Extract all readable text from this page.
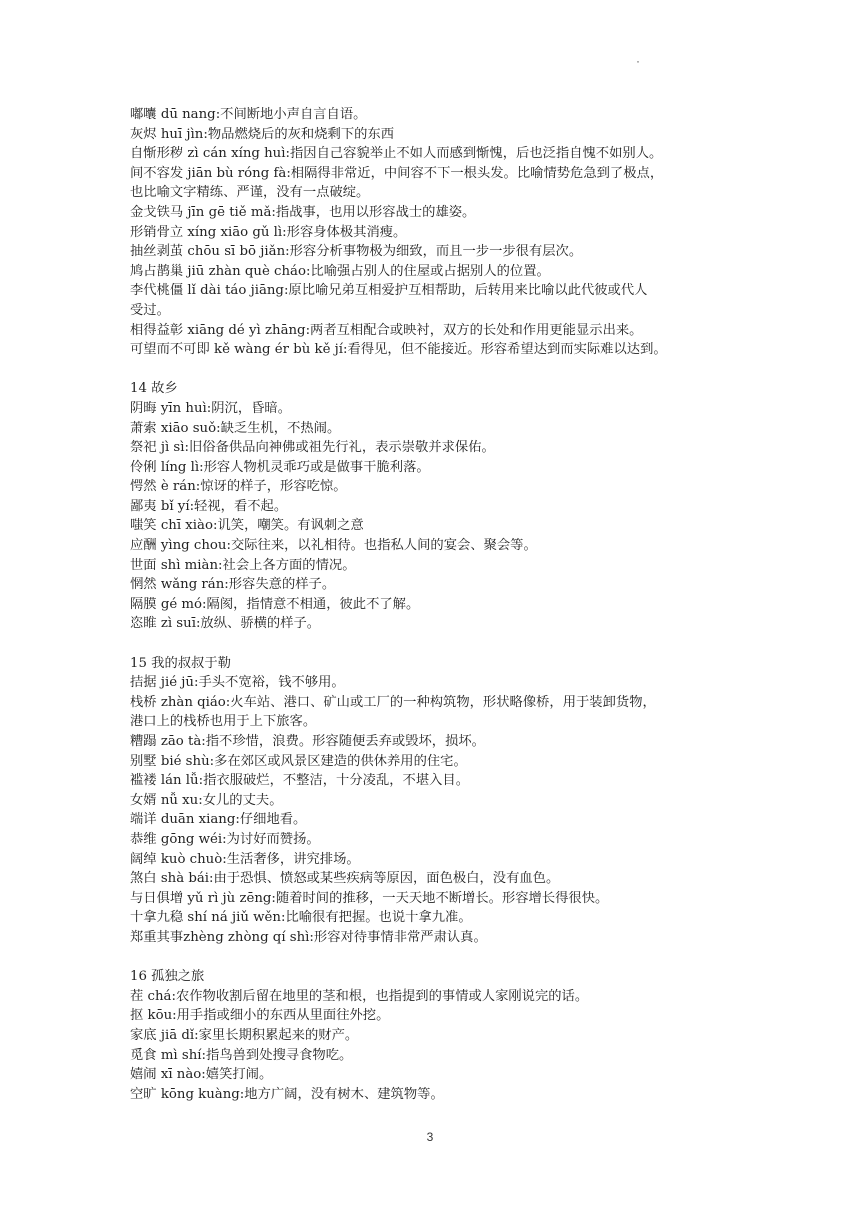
·
嘟囔 dū nang:不间断地小声自言自语。
灰烬 huī jìn:物品燃烧后的灰和烧剩下的东西
自惭形秽 zì cán xíng huì:指因自己容貌举止不如人而感到惭愧，后也泛指自愧不如别人。
间不容发 jiān bù róng fà:相隔得非常近，中间容不下一根头发。比喻情势危急到了极点，
也比喻文字精练、严谨，没有一点破绽。
金戈铁马 jīn gē tiě mǎ:指战事，也用以形容战士的雄姿。
形销骨立 xíng xiāo gǔ lì:形容身体极其消瘦。
抽丝剥茧 chōu sī bō jiǎn:形容分析事物极为细致，而且一步一步很有层次。
鸠占鹊巢 jiū zhàn què cháo:比喻强占别人的住屋或占据别人的位置。
李代桃僵 lǐ dài táo jiāng:原比喻兄弟互相爱护互相帮助，后转用来比喻以此代彼或代人
受过。
相得益彰 xiāng dé yì zhāng:两者互相配合或映衬，双方的长处和作用更能显示出来。
可望而不可即 kě wàng ér bù kě jí:看得见，但不能接近。形容希望达到而实际难以达到。
14 故乡
阴晦 yīn huì:阴沉，昏暗。
萧索 xiāo suǒ:缺乏生机，不热闹。
祭祀 jì sì:旧俗备供品向神佛或祖先行礼，表示崇敬并求保佑。
伶俐 líng lì:形容人物机灵乖巧或是做事干脆利落。
愕然 è rán:惊讶的样子，形容吃惊。
鄙夷 bǐ yí:轻视，看不起。
嗤笑 chī xiào:讥笑，嘲笑。有讽刺之意
应酬 yìng chou:交际往来，以礼相待。也指私人间的宴会、聚会等。
世面 shì miàn:社会上各方面的情况。
惘然 wǎng rán:形容失意的样子。
隔膜 gé mó:隔阂，指情意不相通，彼此不了解。
恣睢 zì suī:放纵、骄横的样子。
15 我的叔叔于勒
拮据 jié jū:手头不宽裕，钱不够用。
栈桥 zhàn qiáo:火车站、港口、矿山或工厂的一种构筑物，形状略像桥，用于装卸货物，
港口上的栈桥也用于上下旅客。
糟蹋 zāo tà:指不珍惜，浪费。形容随便丢弃或毁坏，损坏。
别墅 bié shù:多在郊区或风景区建造的供休养用的住宅。
褴褛 lán lǚ:指衣服破烂，不整洁，十分凌乱，不堪入目。
女婿 nǚ xu:女儿的丈夫。
端详 duān xiang:仔细地看。
恭维 gōng wéi:为讨好而赞扬。
阔绰 kuò chuò:生活奢侈，讲究排场。
煞白 shà bái:由于恐惧、愤怒或某些疾病等原因，面色极白，没有血色。
与日俱增 yǔ rì jù zēng:随着时间的推移，一天天地不断增长。形容增长得很快。
十拿九稳 shí ná jiǔ wěn:比喻很有把握。也说十拿九准。
郑重其事zhèng zhòng qí shì:形容对待事情非常严肃认真。
16 孤独之旅
茬 chá:农作物收割后留在地里的茎和根，也指提到的事情或人家刚说完的话。
抠 kōu:用手指或细小的东西从里面往外挖。
家底 jiā dǐ:家里长期积累起来的财产。
觅食 mì shí:指鸟兽到处搜寻食物吃。
嬉闹 xī nào:嬉笑打闹。
空旷 kōng kuàng:地方广阔，没有树木、建筑物等。
3
